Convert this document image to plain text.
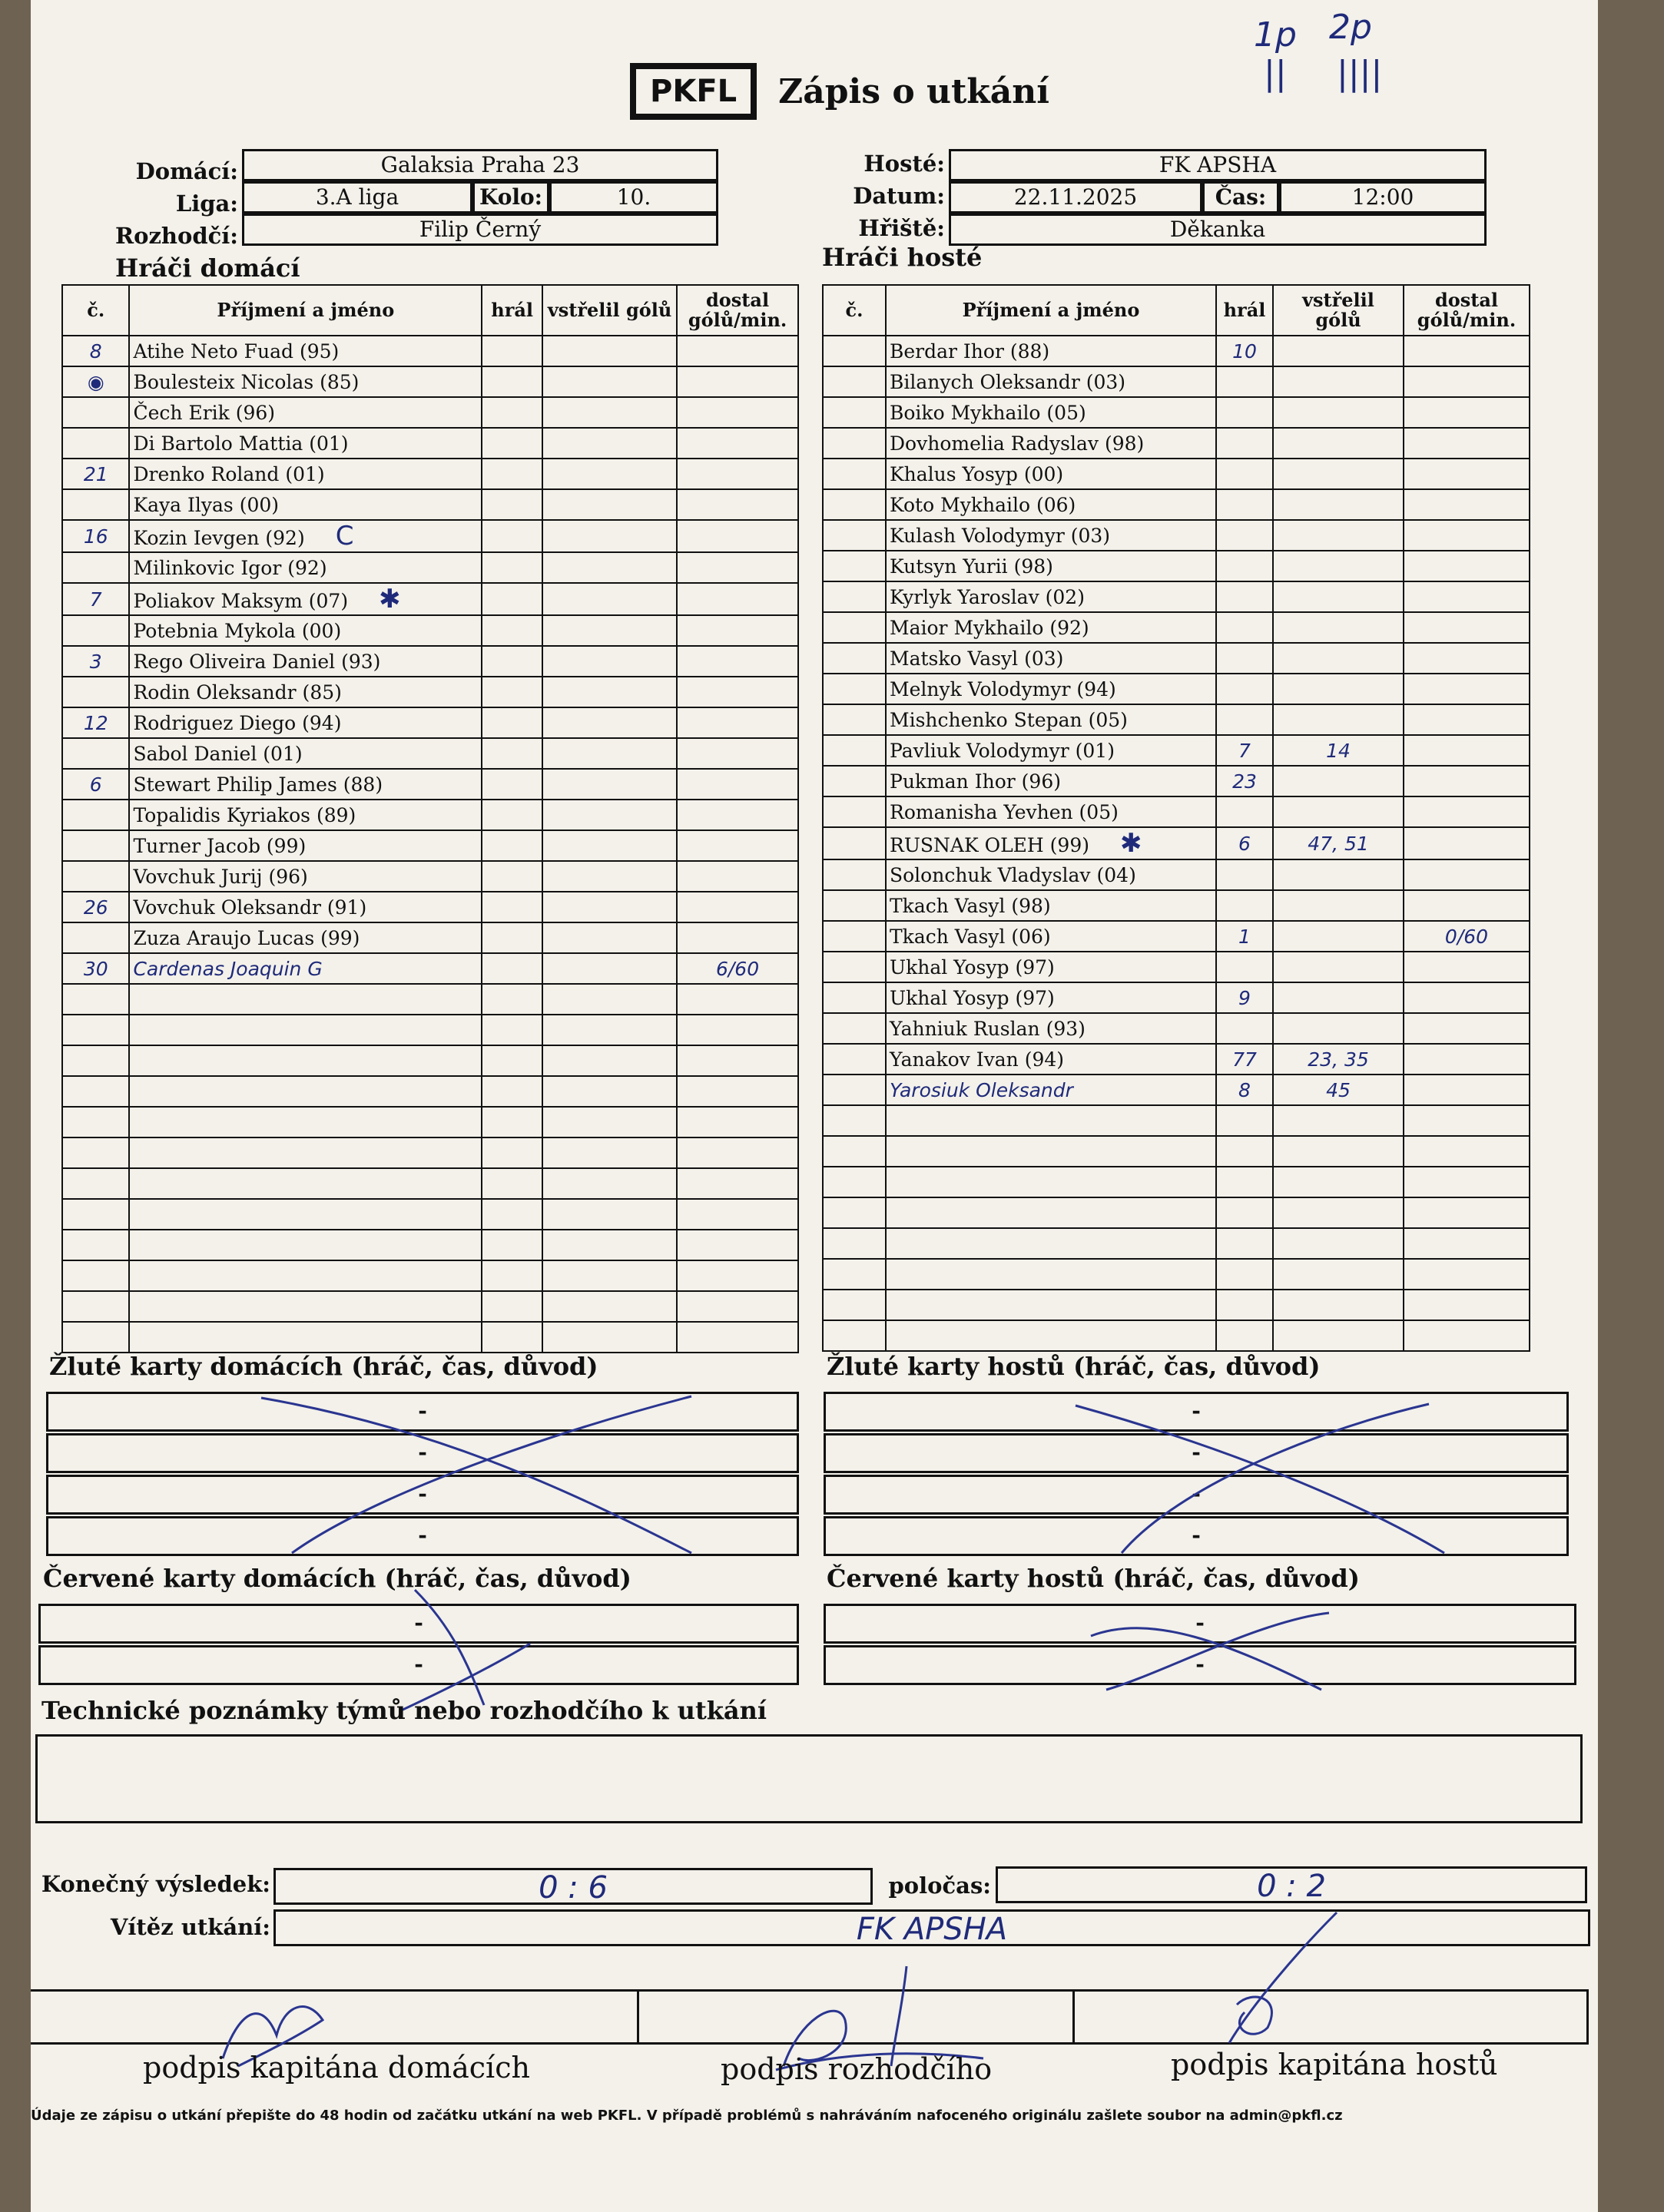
1p 2p
|| ||||
PKFL	Zápis o utkání
Domácí:	Galaksia Praha 23
Liga:	3.A liga	Kolo:	10.
Rozhodčí:	Filip Černý
Hosté:	FK APSHA
Datum:	22.11.2025	Čas:	12:00
Hřiště:	Děkanka
Hráči domácí	Hráči hosté
č.	Příjmení a jméno	hrál	vstřelil gólů	dostal gólů/min.
8	Atihe Neto Fuad (95)			
◉	Boulesteix Nicolas (85)			
	Čech Erik (96)			
	Di Bartolo Mattia (01)			
21	Drenko Roland (01)			
	Kaya Ilyas (00)			
16	Kozin Ievgen (92) C			
	Milinkovic Igor (92)			
7	Poliakov Maksym (07) ✱			
	Potebnia Mykola (00)			
3	Rego Oliveira Daniel (93)			
	Rodin Oleksandr (85)			
12	Rodriguez Diego (94)			
	Sabol Daniel (01)			
6	Stewart Philip James (88)			
	Topalidis Kyriakos (89)			
	Turner Jacob (99)			
	Vovchuk Jurij (96)			
26	Vovchuk Oleksandr (91)			
	Zuza Araujo Lucas (99)			
30	Cardenas Joaquin G			6/60

č.	Příjmení a jméno	hrál	vstřelil gólů	dostal gólů/min.
	Berdar Ihor (88)	10		
	Bilanych Oleksandr (03)			
	Boiko Mykhailo (05)			
	Dovhomelia Radyslav (98)			
	Khalus Yosyp (00)			
	Koto Mykhailo (06)			
	Kulash Volodymyr (03)			
	Kutsyn Yurii (98)			
	Kyrlyk Yaroslav (02)			
	Maior Mykhailo (92)			
	Matsko Vasyl (03)			
	Melnyk Volodymyr (94)			
	Mishchenko Stepan (05)			
	Pavliuk Volodymyr (01)	7	14	
	Pukman Ihor (96)	23		
	Romanisha Yevhen (05)			
	RUSNAK OLEH (99) ✱	6	47, 51	
	Solonchuk Vladyslav (04)			
	Tkach Vasyl (98)			
	Tkach Vasyl (06)	1		0/60
	Ukhal Yosyp (97)			
	Ukhal Yosyp (97)	9		
	Yahniuk Ruslan (93)			
	Yanakov Ivan (94)	77	23, 35	
	Yarosiuk Oleksandr	8	45	

Žluté karty domácích (hráč, čas, důvod)	Žluté karty hostů (hráč, čas, důvod)
-
-
-
-
-
-
-
-
Červené karty domácích (hráč, čas, důvod)	Červené karty hostů (hráč, čas, důvod)
-
-
-
-
Technické poznámky týmů nebo rozhodčího k utkání
Konečný výsledek:	0 : 6	poločas:	0 : 2
Vítěz utkání:	FK APSHA
podpis kapitána domácích	podpis rozhodčího	podpis kapitána hostů
Údaje ze zápisu o utkání přepište do 48 hodin od začátku utkání na web PKFL. V případě problémů s nahráváním nafoceného originálu zašlete soubor na admin@pkfl.cz
